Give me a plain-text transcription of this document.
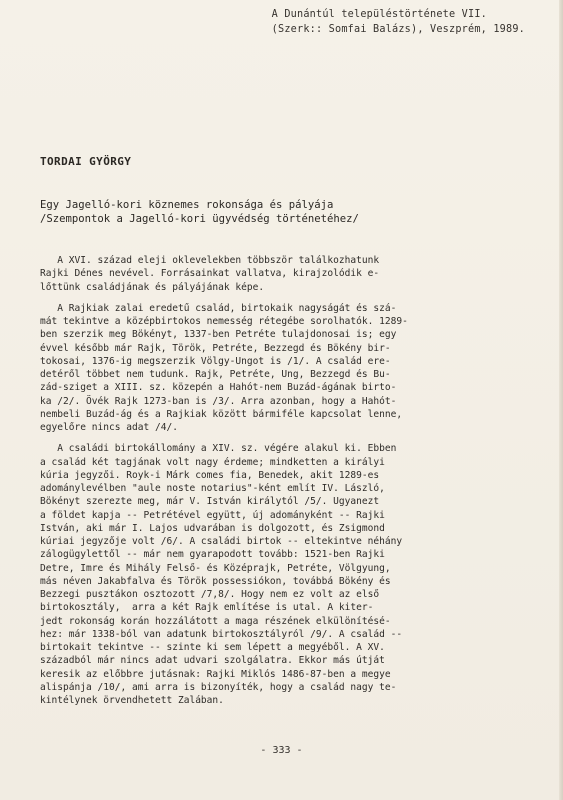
A Dunántúl településtörténete VII.
(Szerk:: Somfai Balázs), Veszprém, 1989.
TORDAI GYÖRGY
Egy Jagelló-kori köznemes rokonsága és pályája
/Szempontok a Jagelló-kori ügyvédség történetéhez/
A XVI. század eleji oklevelekben többször találkozhatunk
Rajki Dénes nevével. Forrásainkat vallatva, kirajzolódik e-
lőttünk családjának és pályájának képe.
A Rajkiak zalai eredetű család, birtokaik nagyságát és szá-
mát tekintve a középbirtokos nemesség rétegébe sorolhatók. 1289-
ben szerzik meg Bökényt, 1337-ben Petréte tulajdonosai is; egy
évvel később már Rajk, Török, Petréte, Bezzegd és Bökény bir-
tokosai, 1376-ig megszerzik Völgy-Ungot is /1/. A család ere-
detéről többet nem tudunk. Rajk, Petréte, Ung, Bezzegd és Bu-
zád-sziget a XIII. sz. közepén a Hahót-nem Buzád-ágának birto-
ka /2/. Övék Rajk 1273-ban is /3/. Arra azonban, hogy a Hahót-
nembeli Buzád-ág és a Rajkiak között bármiféle kapcsolat lenne,
egyelőre nincs adat /4/.
A családi birtokállomány a XIV. sz. végére alakul ki. Ebben
a család két tagjának volt nagy érdeme; mindketten a királyi
kúria jegyzői. Royk-i Márk comes fia, Benedek, akit 1289-es
adománylevélben "aule noste notarius"-ként említ IV. László,
Bökényt szerezte meg, már V. István királytól /5/. Ugyanezt
a földet kapja -- Petrétével együtt, új adományként -- Rajki
István, aki már I. Lajos udvarában is dolgozott, és Zsigmond
kúriai jegyzője volt /6/. A családi birtok -- eltekintve néhány
zálogügylettől -- már nem gyarapodott tovább: 1521-ben Rajki
Detre, Imre és Mihály Felső- és Középrajk, Petréte, Völgyung,
más néven Jakabfalva és Török possessiókon, továbbá Bökény és
Bezzegi pusztákon osztozott /7,8/. Hogy nem ez volt az első
birtokosztály,  arra a két Rajk említése is utal. A kiter-
jedt rokonság korán hozzálátott a maga részének elkülönítésé-
hez: már 1338-ból van adatunk birtokosztályról /9/. A család --
birtokait tekintve -- szinte ki sem lépett a megyéből. A XV.
századból már nincs adat udvari szolgálatra. Ekkor más útját
keresik az előbbre jutásnak: Rajki Miklós 1486-87-ben a megye
alispánja /10/, ami arra is bizonyíték, hogy a család nagy te-
kintélynek örvendhetett Zalában.
- 333 -
